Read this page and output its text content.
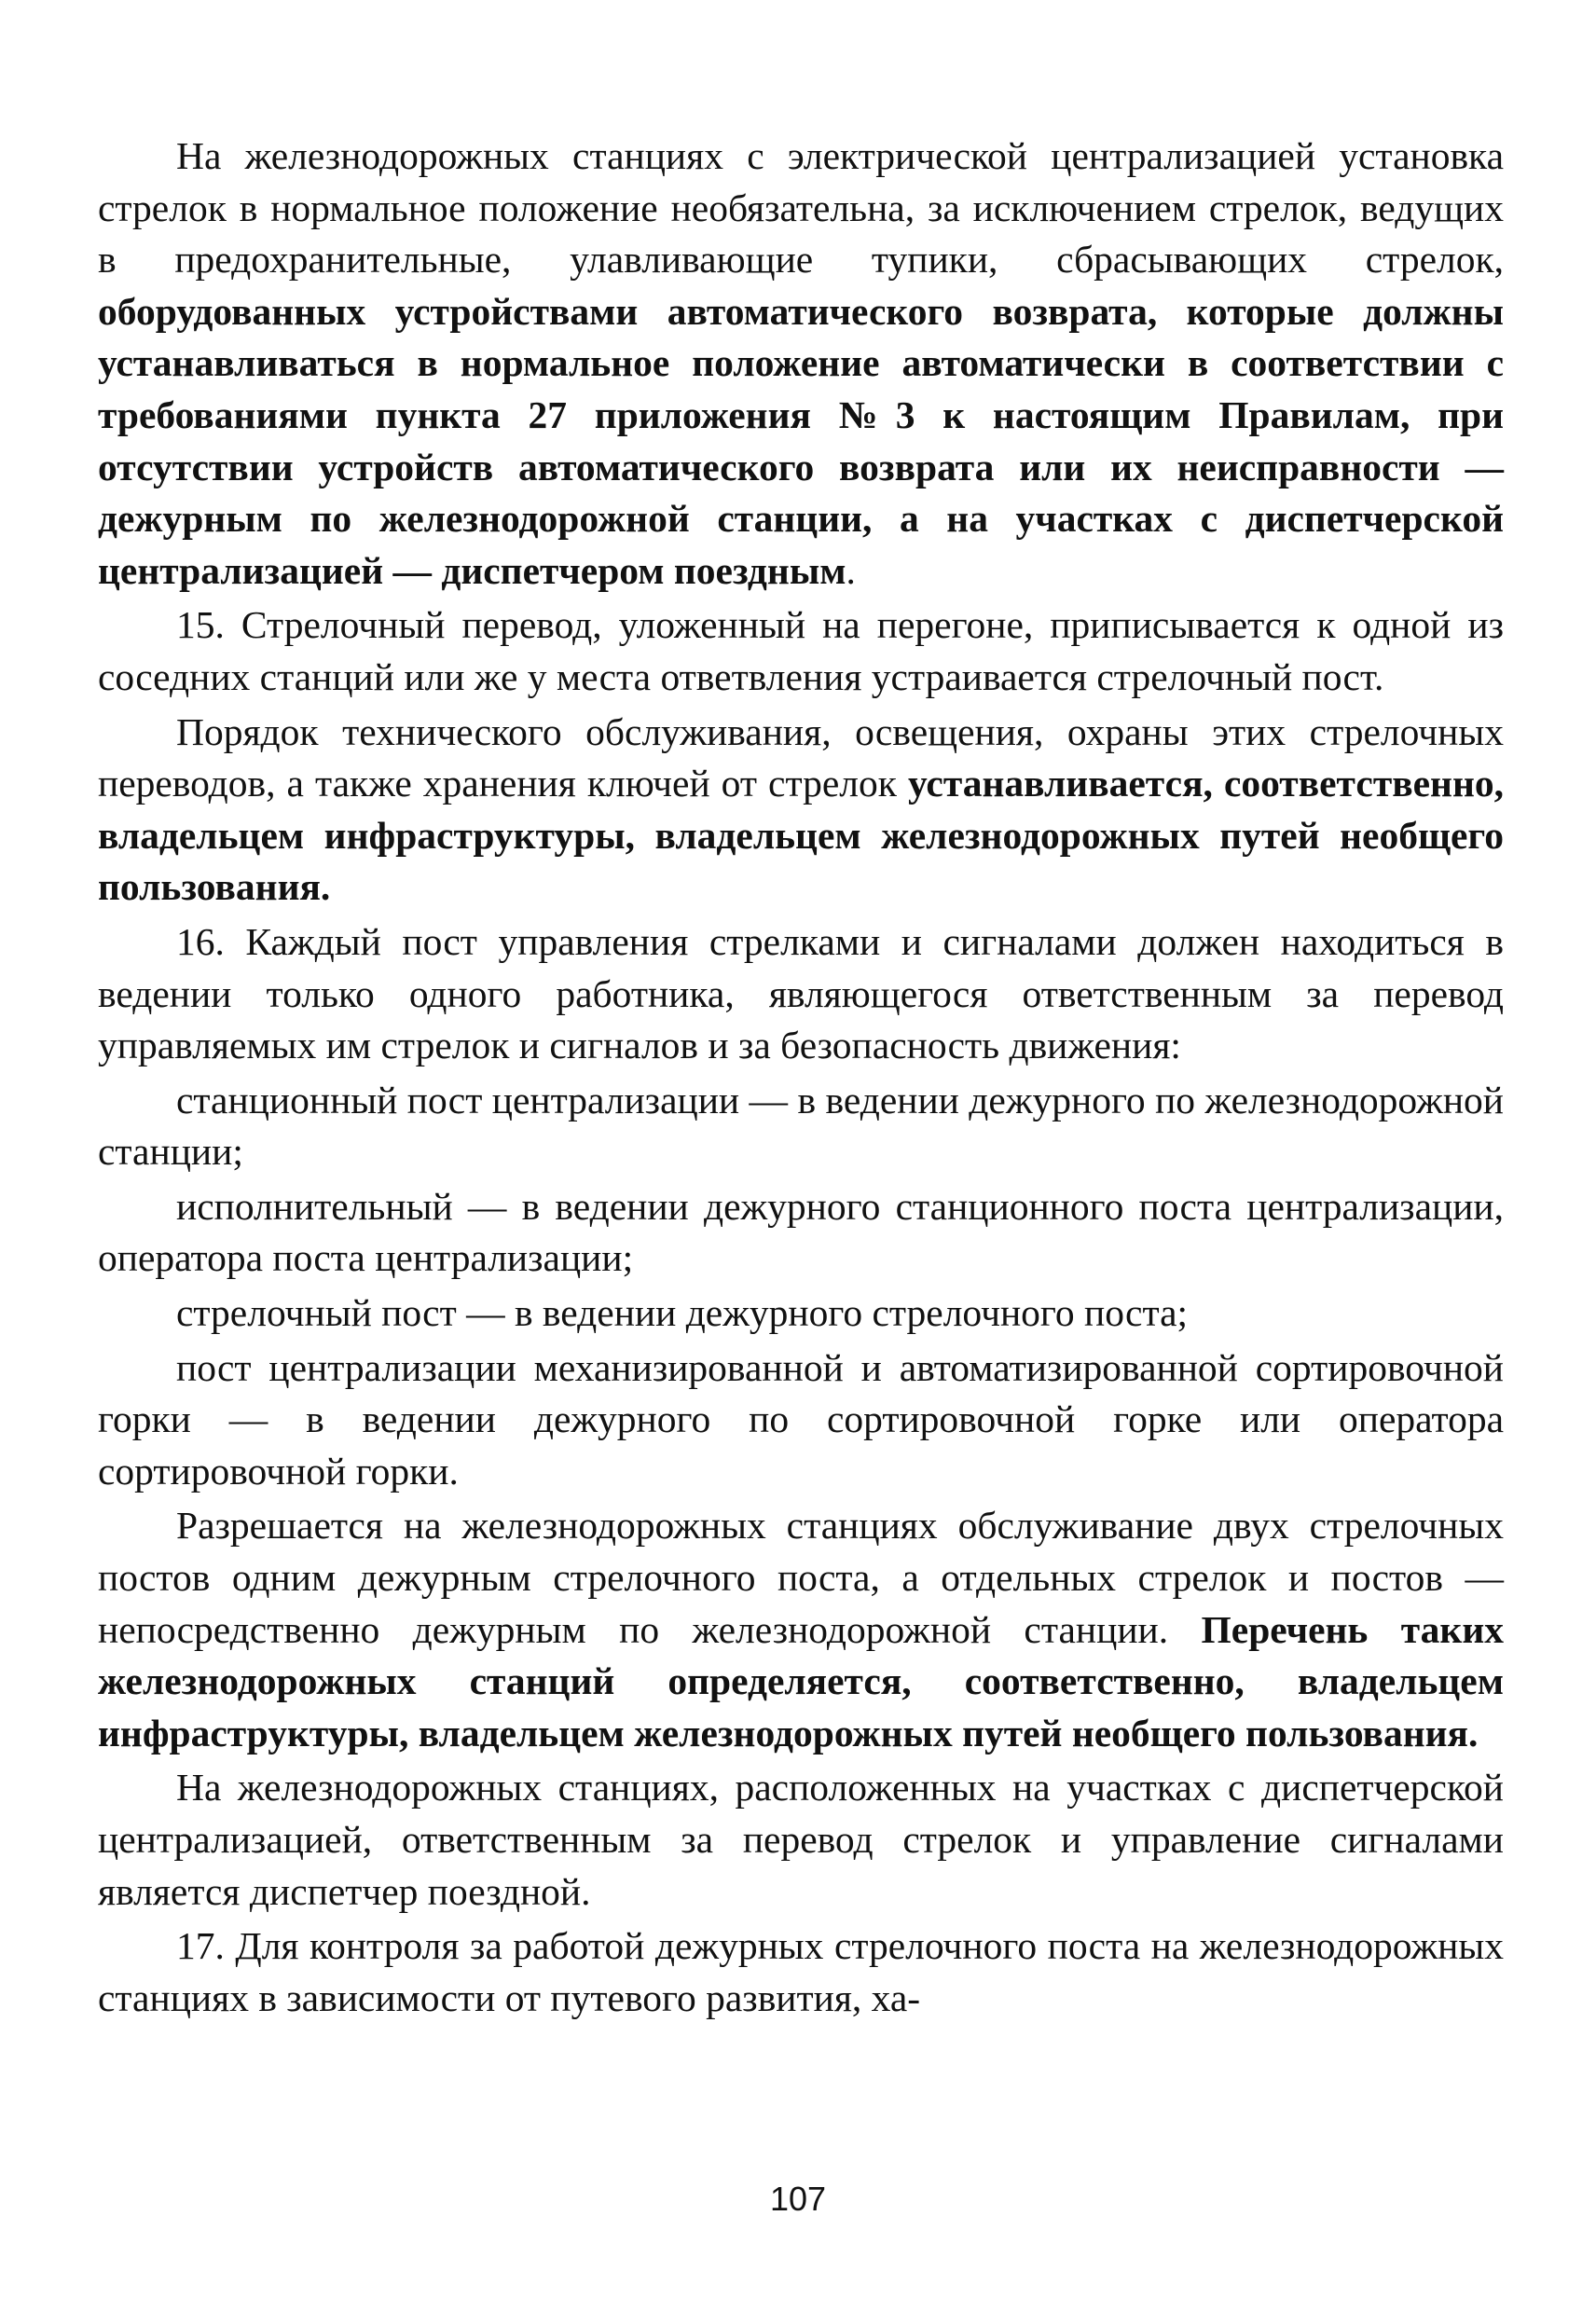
На железнодорожных станциях с электрической централизацией установка стрелок в нормальное положение необязательна, за исключением стрелок, ведущих в предохранительные, улавливающие тупики, сбрасывающих стрелок, оборудованных устройствами автоматического возврата, которые должны устанавливаться в нормальное положение автоматически в соответствии с требованиями пункта 27 приложения №3 к настоящим Правилам, при отсутствии устройств автоматического возврата или их неисправности — дежурным по железнодорожной станции, а на участках с диспетчерской централизацией — диспетчером поездным.

15. Стрелочный перевод, уложенный на перегоне, приписывается к одной из соседних станций или же у места ответвления устраивается стрелочный пост.

Порядок технического обслуживания, освещения, охраны этих стрелочных переводов, а также хранения ключей от стрелок устанавливается, соответственно, владельцем инфраструктуры, владельцем железнодорожных путей необщего пользования.

16. Каждый пост управления стрелками и сигналами должен находиться в ведении только одного работника, являющегося ответственным за перевод управляемых им стрелок и сигналов и за безопасность движения:

станционный пост централизации — в ведении дежурного по железнодорожной станции;

исполнительный — в ведении дежурного станционного поста централизации, оператора поста централизации;

стрелочный пост — в ведении дежурного стрелочного поста;

пост централизации механизированной и автоматизированной сортировочной горки — в ведении дежурного по сортировочной горке или оператора сортировочной горки.

Разрешается на железнодорожных станциях обслуживание двух стрелочных постов одним дежурным стрелочного поста, а отдельных стрелок и постов — непосредственно дежурным по железнодорожной станции. Перечень таких железнодорожных станций определяется, соответственно, владельцем инфраструктуры, владельцем железнодорожных путей необщего пользования.

На железнодорожных станциях, расположенных на участках с диспетчерской централизацией, ответственным за перевод стрелок и управление сигналами является диспетчер поездной.

17. Для контроля за работой дежурных стрелочного поста на железнодорожных станциях в зависимости от путевого развития, ха-

107
